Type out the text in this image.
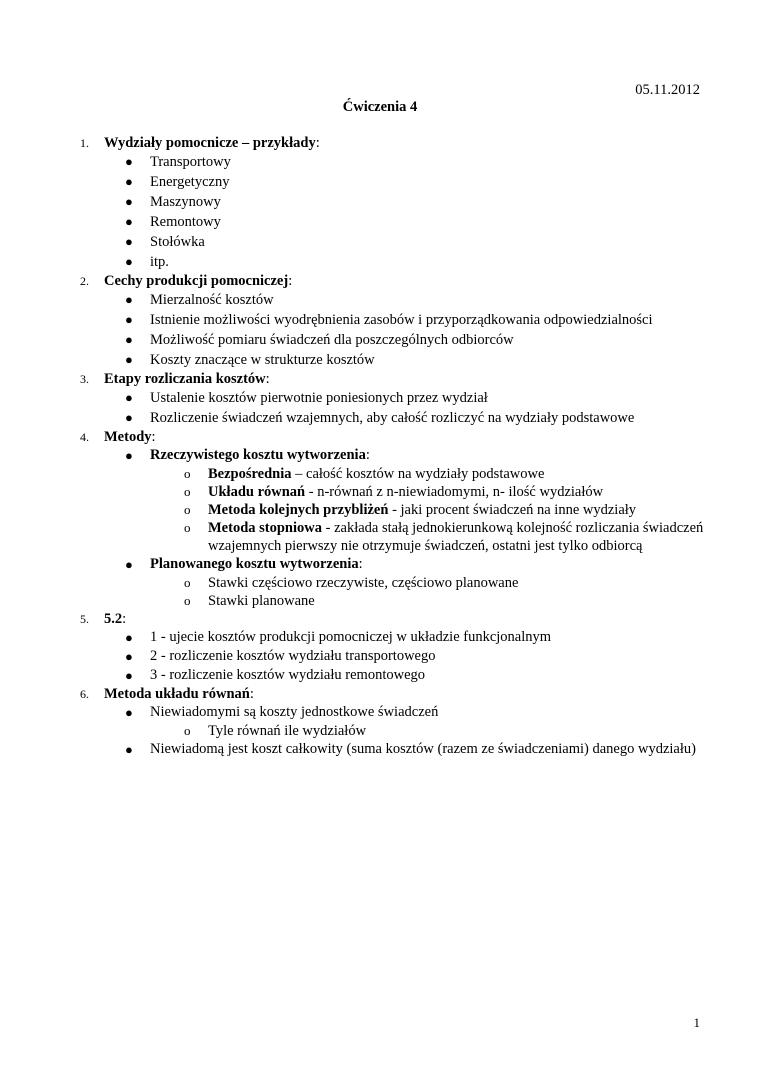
05.11.2012
Ćwiczenia 4
1. Wydziały pomocnicze – przykłady:
● Transportowy
● Energetyczny
● Maszynowy
● Remontowy
● Stołówka
● itp.
2. Cechy produkcji pomocniczej:
● Mierzalność kosztów
● Istnienie możliwości wyodrębnienia zasobów i przyporządkowania odpowiedzialności
● Możliwość pomiaru świadczeń dla poszczególnych odbiorców
● Koszty znaczące w strukturze kosztów
3. Etapy rozliczania kosztów:
● Ustalenie kosztów pierwotnie poniesionych przez wydział
● Rozliczenie świadczeń wzajemnych, aby całość rozliczyć na wydziały podstawowe
4. Metody:
● Rzeczywistego kosztu wytworzenia:
o Bezpośrednia – całość kosztów na wydziały podstawowe
o Układu równań - n-równań z n-niewiadomymi, n- ilość wydziałów
o Metoda kolejnych przybliżeń - jaki procent świadczeń na inne wydziały
o Metoda stopniowa - zakłada stałą jednokierunkową kolejność rozliczania świadczeń wzajemnych pierwszy nie otrzymuje świadczeń, ostatni jest tylko odbiorcą
● Planowanego kosztu wytworzenia:
o Stawki częściowo rzeczywiste, częściowo planowane
o Stawki planowane
5. 5.2:
● 1 - ujecie kosztów produkcji pomocniczej w układzie funkcjonalnym
● 2 - rozliczenie kosztów wydziału transportowego
● 3 - rozliczenie kosztów wydziału remontowego
6. Metoda układu równań:
● Niewiadomymi są koszty jednostkowe świadczeń
o Tyle równań ile wydziałów
● Niewiadomą jest koszt całkowity (suma kosztów (razem ze świadczeniami) danego wydziału)
1
